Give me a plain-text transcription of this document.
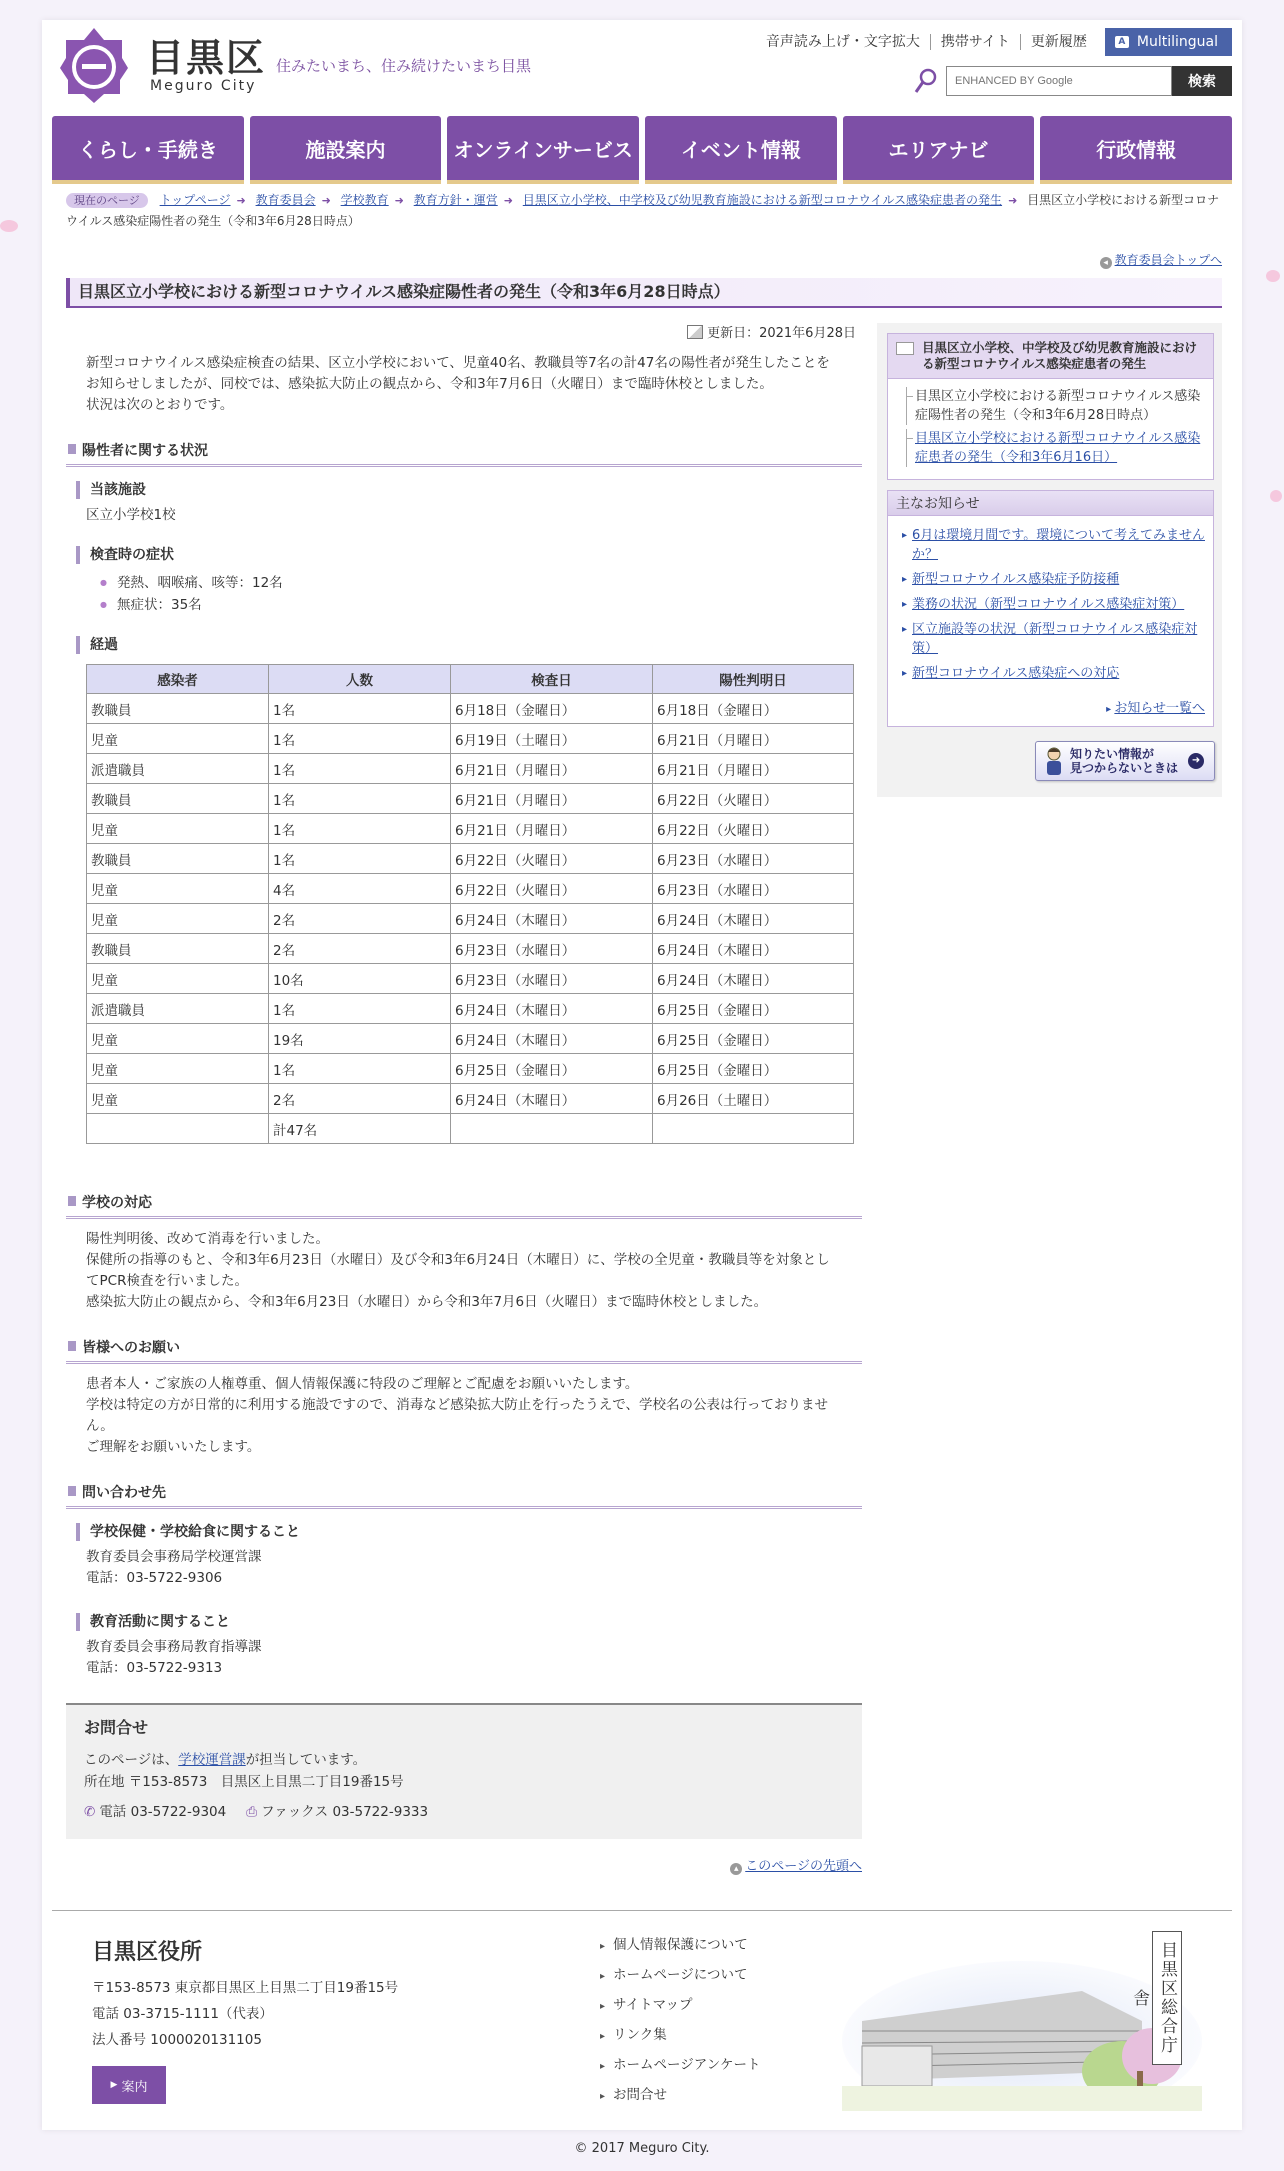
目黒区
Meguro City
住みたいまち、住み続けたいまち目黒
音声読み上げ・文字拡大	携帯サイト	更新履歴	A Multilingual
ENHANCED BY Google
検索
くらし・手続き	施設案内	オンラインサービス	イベント情報	エリアナビ	行政情報
現在のページ トップページ ➜ 教育委員会 ➜ 学校教育 ➜ 教育方針・運営 ➜ 目黒区立小学校、中学校及び幼児教育施設における新型コロナウイルス感染症患者の発生 ➜ 目黒区立小学校における新型コロナウイルス感染症陽性者の発生（令和3年6月28日時点）
◂ 教育委員会トップへ
目黒区立小学校における新型コロナウイルス感染症陽性者の発生（令和3年6月28日時点）
更新日：2021年6月28日
新型コロナウイルス感染症検査の結果、区立小学校において、児童40名、教職員等7名の計47名の陽性者が発生したことを
お知らせしましたが、同校では、感染拡大防止の観点から、令和3年7月6日（火曜日）まで臨時休校としました。
状況は次のとおりです。
陽性者に関する状況
当該施設
区立小学校1校
検査時の症状
● 発熱、咽喉痛、咳等：12名
● 無症状：35名
経過
感染者	人数	検査日	陽性判明日
教職員	1名	6月18日（金曜日）	6月18日（金曜日）
児童	1名	6月19日（土曜日）	6月21日（月曜日）
派遣職員	1名	6月21日（月曜日）	6月21日（月曜日）
教職員	1名	6月21日（月曜日）	6月22日（火曜日）
児童	1名	6月21日（月曜日）	6月22日（火曜日）
教職員	1名	6月22日（火曜日）	6月23日（水曜日）
児童	4名	6月22日（火曜日）	6月23日（水曜日）
児童	2名	6月24日（木曜日）	6月24日（木曜日）
教職員	2名	6月23日（水曜日）	6月24日（木曜日）
児童	10名	6月23日（水曜日）	6月24日（木曜日）
派遣職員	1名	6月24日（木曜日）	6月25日（金曜日）
児童	19名	6月24日（木曜日）	6月25日（金曜日）
児童	1名	6月25日（金曜日）	6月25日（金曜日）
児童	2名	6月24日（木曜日）	6月26日（土曜日）
	計47名		
学校の対応
陽性判明後、改めて消毒を行いました。
保健所の指導のもと、令和3年6月23日（水曜日）及び令和3年6月24日（木曜日）に、学校の全児童・教職員等を対象とし
てPCR検査を行いました。
感染拡大防止の観点から、令和3年6月23日（水曜日）から令和3年7月6日（火曜日）まで臨時休校としました。
皆様へのお願い
患者本人・ご家族の人権尊重、個人情報保護に特段のご理解とご配慮をお願いいたします。
学校は特定の方が日常的に利用する施設ですので、消毒など感染拡大防止を行ったうえで、学校名の公表は行っておりませ
ん。
ご理解をお願いいたします。
問い合わせ先
学校保健・学校給食に関すること
教育委員会事務局学校運営課
電話：03-5722-9306
教育活動に関すること
教育委員会事務局教育指導課
電話：03-5722-9313
お問合せ
このページは、学校運営課が担当しています。
所在地 〒153-8573　目黒区上目黒二丁目19番15号
✆ 電話 03-5722-9304 ⎙ ファックス 03-5722-9333
▴ このページの先頭へ
目黒区立小学校、中学校及び幼児教育施設における新型コロナウイルス感染症患者の発生
目黒区立小学校における新型コロナウイルス感染症陽性者の発生（令和3年6月28日時点）
目黒区立小学校における新型コロナウイルス感染症患者の発生（令和3年6月16日）
主なお知らせ
▸ 6月は環境月間です。環境について考えてみませんか？
▸ 新型コロナウイルス感染症予防接種
▸ 業務の状況（新型コロナウイルス感染症対策）
▸ 区立施設等の状況（新型コロナウイルス感染症対策）
▸ 新型コロナウイルス感染症への対応
▸ お知らせ一覧へ
知りたい情報が
見つからないときは
➜
目黒区役所
〒153-8573 東京都目黒区上目黒二丁目19番15号
電話 03-3715-1111（代表）
法人番号 1000020131105
▶ 案内
▸ 個人情報保護について
▸ ホームページについて
▸ サイトマップ
▸ リンク集
▸ ホームページアンケート
▸ お問合せ
目黒区総合庁舎
© 2017 Meguro City.
